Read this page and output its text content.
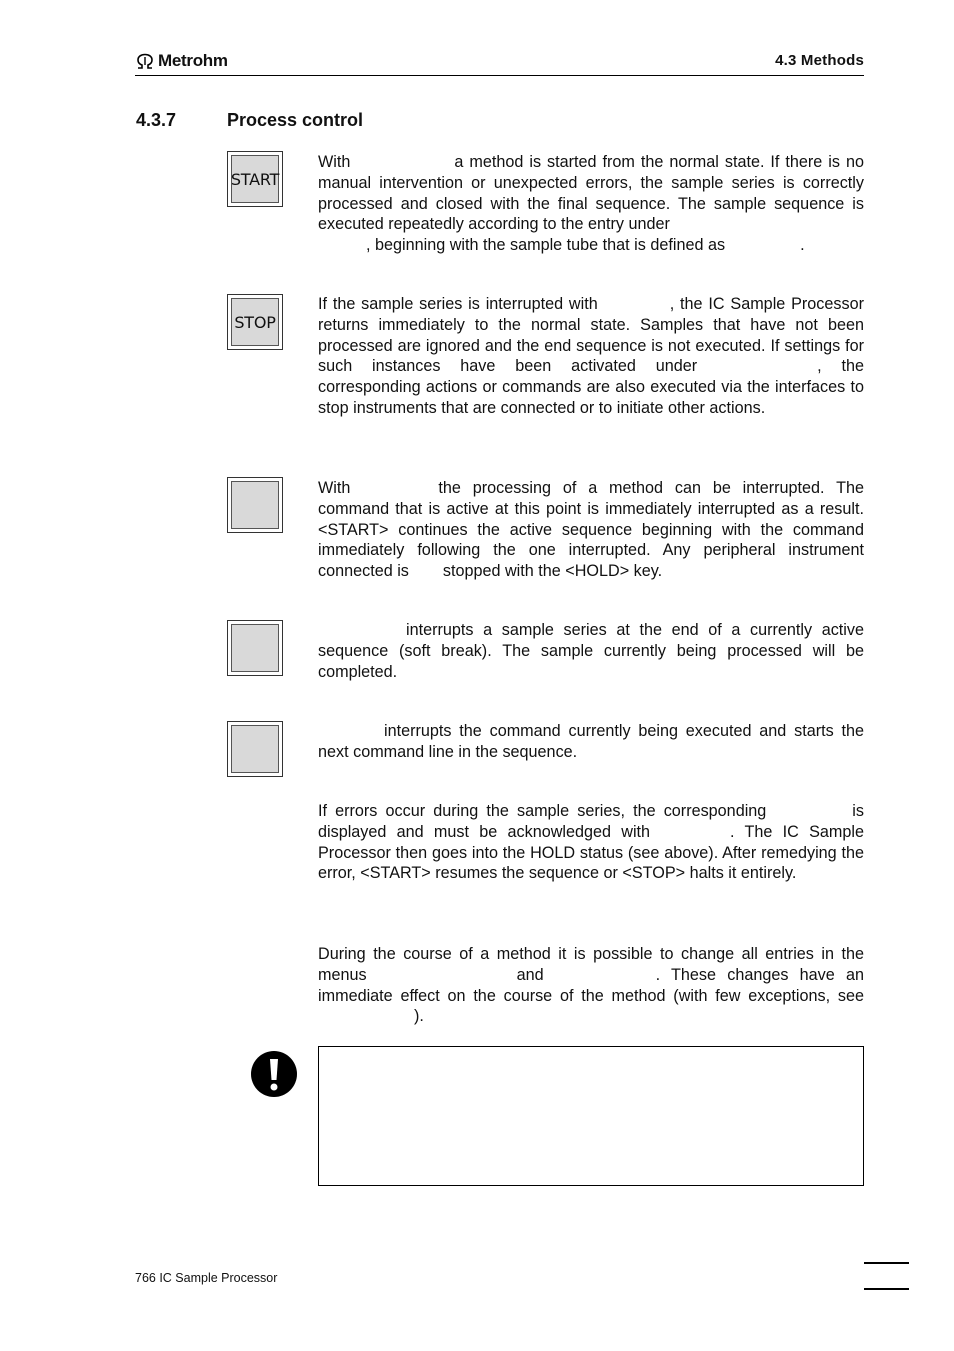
Metrohm	4.3 Methods
4.3.7	Process control
START

With	a method is started from the normal state. If there is no manual intervention or unexpected errors, the sample series is correctly processed and closed with the final sequence. The sample sequence is executed repeatedly according to the entry under

, beginning with the sample tube that is defined as	.

STOP

If the sample series is interrupted with	, the IC Sample Processor returns immediately to the normal state. Samples that have not been processed are ignored and the end sequence is not executed. If settings for such instances have been activated under	, the corresponding actions or commands are also executed via the interfaces to stop instruments that are connected or to initiate other actions.

With	the processing of a method can be interrupted. The command that is active at this point is immediately interrupted as a result. <START> continues the active sequence beginning with the command immediately following the one interrupted. Any peripheral instrument connected is stopped with the <HOLD> key.

interrupts a sample series at the end of a currently active sequence (soft break). The sample currently being processed will be completed.

interrupts the command currently being executed and starts the next command line in the sequence.

If errors occur during the sample series, the corresponding	is displayed and must be acknowledged with	. The IC Sample Processor then goes into the HOLD status (see above). After remedying the error, <START> resumes the sequence or <STOP> halts it entirely.

During the course of a method it is possible to change all entries in the menus	and	. These changes have an immediate effect on the course of the method (with few exceptions, see).

766 IC Sample Processor
